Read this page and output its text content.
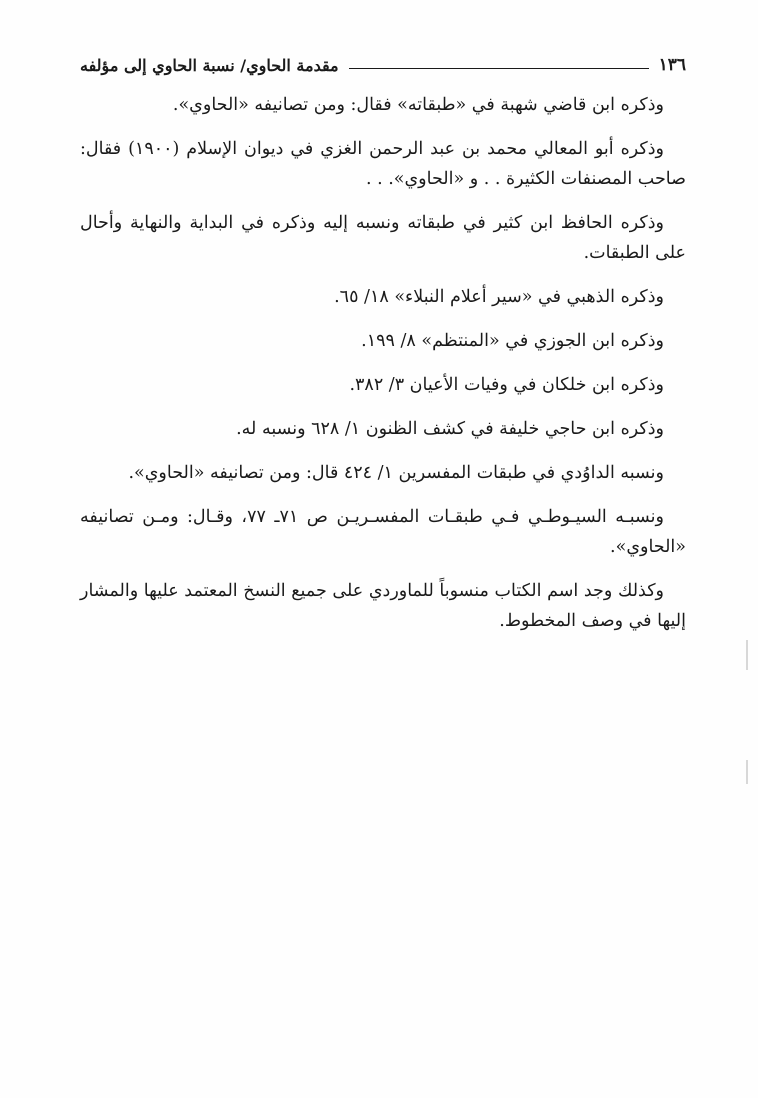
١٣٦
مقدمة الحاوي/ نسبة الحاوي إلى مؤلفه

وذكره ابن قاضي شهبة في «طبقاته» فقال: ومن تصانيفه «الحاوي».

وذكره أبو المعالي محمد بن عبد الرحمن الغزي في ديوان الإسلام (١٩٠٠) فقال: صاحب المصنفات الكثيرة . . و «الحاوي». . .

وذكره الحافظ ابن كثير في طبقاته ونسبه إليه وذكره في البداية والنهاية وأحال على الطبقات.

وذكره الذهبي في «سير أعلام النبلاء» ١٨/ ٦٥.

وذكره ابن الجوزي في «المنتظم» ٨/ ١٩٩.

وذكره ابن خلكان في وفيات الأعيان ٣/ ٣٨٢.

وذكره ابن حاجي خليفة في كشف الظنون ١/ ٦٢٨ ونسبه له.

ونسبه الداوُدي في طبقات المفسرين ١/ ٤٢٤ قال: ومن تصانيفه «الحاوي».

ونسبـه السيـوطـي فـي طبقـات المفسـريـن ص ٧١ـ ٧٧، وقـال: ومـن تصانيفه «الحاوي».

وكذلك وجد اسم الكتاب منسوباً للماوردي على جميع النسخ المعتمد عليها والمشار إليها في وصف المخطوط.
